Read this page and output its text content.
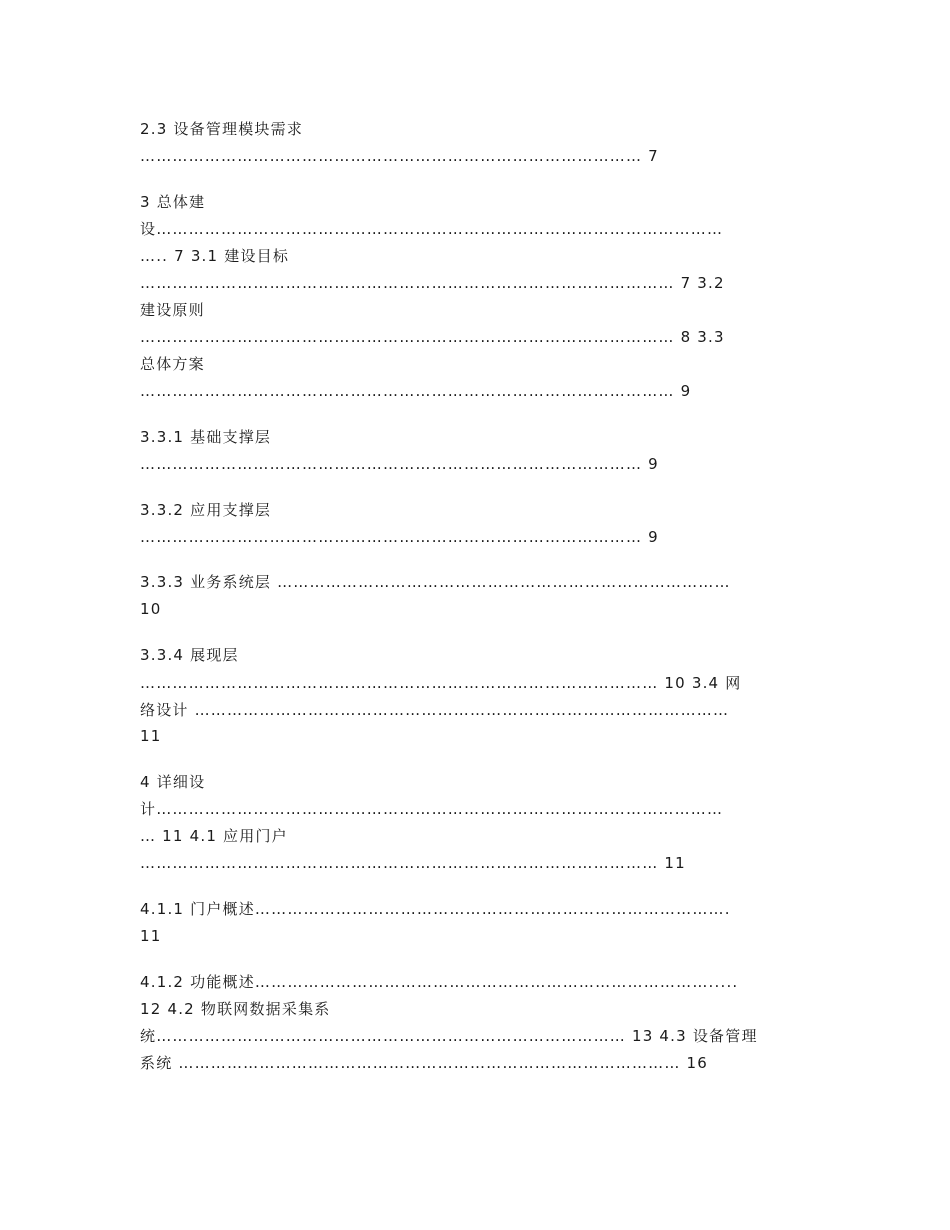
2.3 设备管理模块需求
………………………………………………………………………………… 7
3 总体建
设……………………………………………………………………………………………
….. 7 3.1 建设目标
……………………………………………………………………………………… 7 3.2
建设原则
……………………………………………………………………………………… 8 3.3
总体方案
……………………………………………………………………………………… 9
3.3.1 基础支撑层
………………………………………………………………………………… 9
3.3.2 应用支撑层
………………………………………………………………………………… 9
3.3.3 业务系统层 …………………………………………………………………………
10
3.3.4 展现层
…………………………………………………………………………………… 10 3.4 网
络设计 ………………………………………………………………………………………
11
4 详细设
计……………………………………………………………………………………………
… 11 4.1 应用门户
…………………………………………………………………………………… 11
4.1.1 门户概述…………………………………………………………………………….
11
4.1.2 功能概述………………………………………………………………………….....
12 4.2 物联网数据采集系
统…………………………………………………………………………… 13 4.3 设备管理
系统 ………………………………………………………………………………… 16
